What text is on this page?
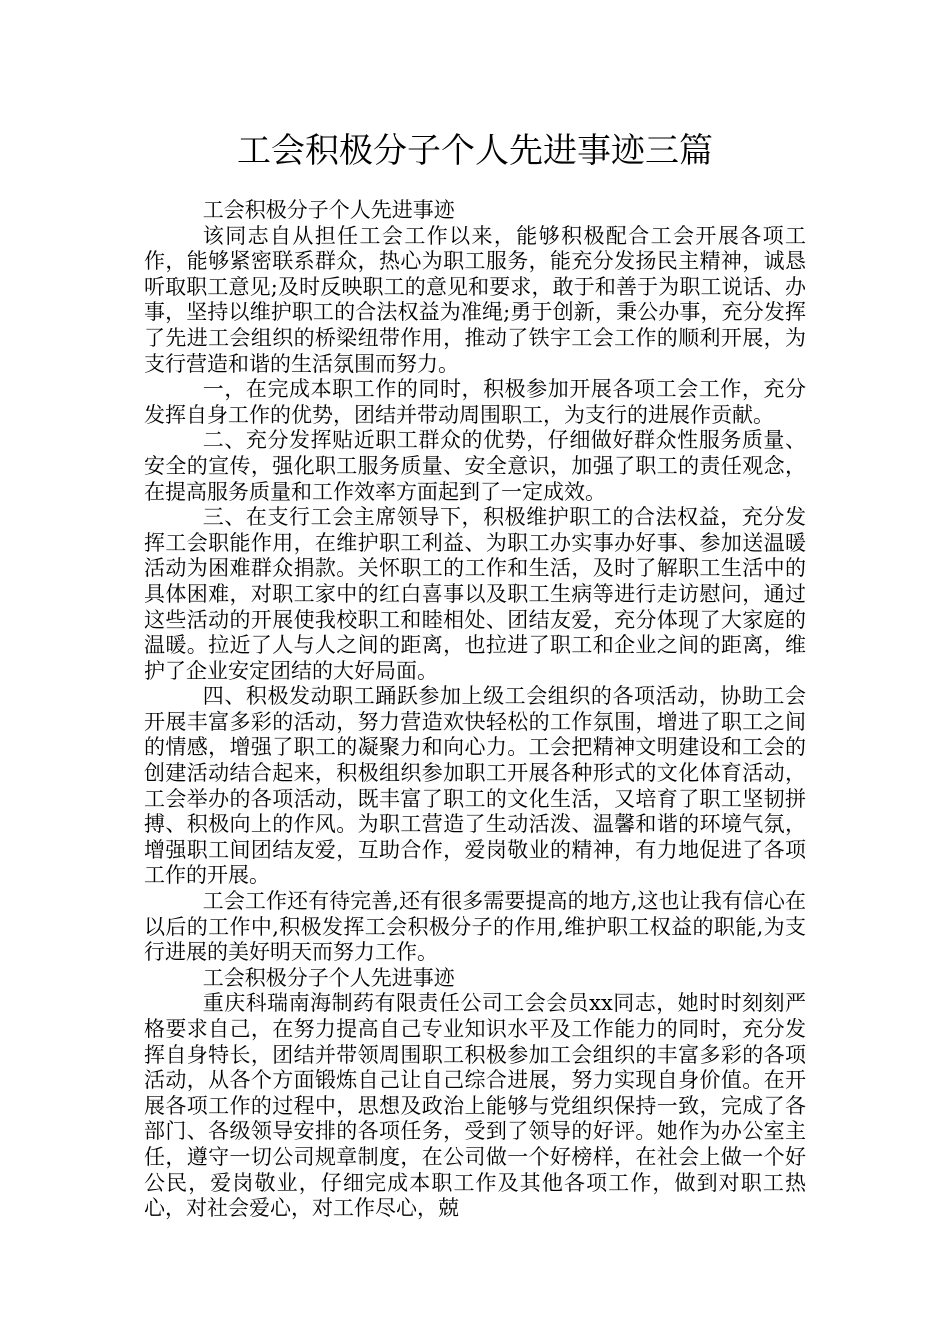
工会积极分子个人先进事迹三篇

工会积极分子个人先进事迹

该同志自从担任工会工作以来，能够积极配合工会开展各项工作，能够紧密联系群众，热心为职工服务，能充分发扬民主精神，诚恳听取职工意见;及时反映职工的意见和要求，敢于和善于为职工说话、办事，坚持以维护职工的合法权益为准绳;勇于创新，秉公办事，充分发挥了先进工会组织的桥梁纽带作用，推动了铁宇工会工作的顺利开展，为支行营造和谐的生活氛围而努力。

一，在完成本职工作的同时，积极参加开展各项工会工作，充分发挥自身工作的优势，团结并带动周围职工，为支行的进展作贡献。

二、充分发挥贴近职工群众的优势，仔细做好群众性服务质量、安全的宣传，强化职工服务质量、安全意识，加强了职工的责任观念，在提高服务质量和工作效率方面起到了一定成效。

三、在支行工会主席领导下，积极维护职工的合法权益，充分发挥工会职能作用，在维护职工利益、为职工办实事办好事、参加送温暖活动为困难群众捐款。关怀职工的工作和生活，及时了解职工生活中的具体困难，对职工家中的红白喜事以及职工生病等进行走访慰问，通过这些活动的开展使我校职工和睦相处、团结友爱，充分体现了大家庭的温暖。拉近了人与人之间的距离，也拉进了职工和企业之间的距离，维护了企业安定团结的大好局面。

四、积极发动职工踊跃参加上级工会组织的各项活动，协助工会开展丰富多彩的活动，努力营造欢快轻松的工作氛围，增进了职工之间的情感，增强了职工的凝聚力和向心力。工会把精神文明建设和工会的创建活动结合起来，积极组织参加职工开展各种形式的文化体育活动，工会举办的各项活动，既丰富了职工的文化生活，又培育了职工坚韧拼搏、积极向上的作风。为职工营造了生动活泼、温馨和谐的环境气氛，增强职工间团结友爱，互助合作，爱岗敬业的精神，有力地促进了各项工作的开展。

工会工作还有待完善,还有很多需要提高的地方,这也让我有信心在以后的工作中,积极发挥工会积极分子的作用,维护职工权益的职能,为支行进展的美好明天而努力工作。

工会积极分子个人先进事迹

重庆科瑞南海制药有限责任公司工会会员xx同志，她时时刻刻严格要求自己，在努力提高自己专业知识水平及工作能力的同时，充分发挥自身特长，团结并带领周围职工积极参加工会组织的丰富多彩的各项活动，从各个方面锻炼自己让自己综合进展，努力实现自身价值。在开展各项工作的过程中，思想及政治上能够与党组织保持一致，完成了各部门、各级领导安排的各项任务，受到了领导的好评。她作为办公室主任，遵守一切公司规章制度，在公司做一个好榜样，在社会上做一个好公民，爱岗敬业，仔细完成本职工作及其他各项工作，做到对职工热心，对社会爱心，对工作尽心，兢
